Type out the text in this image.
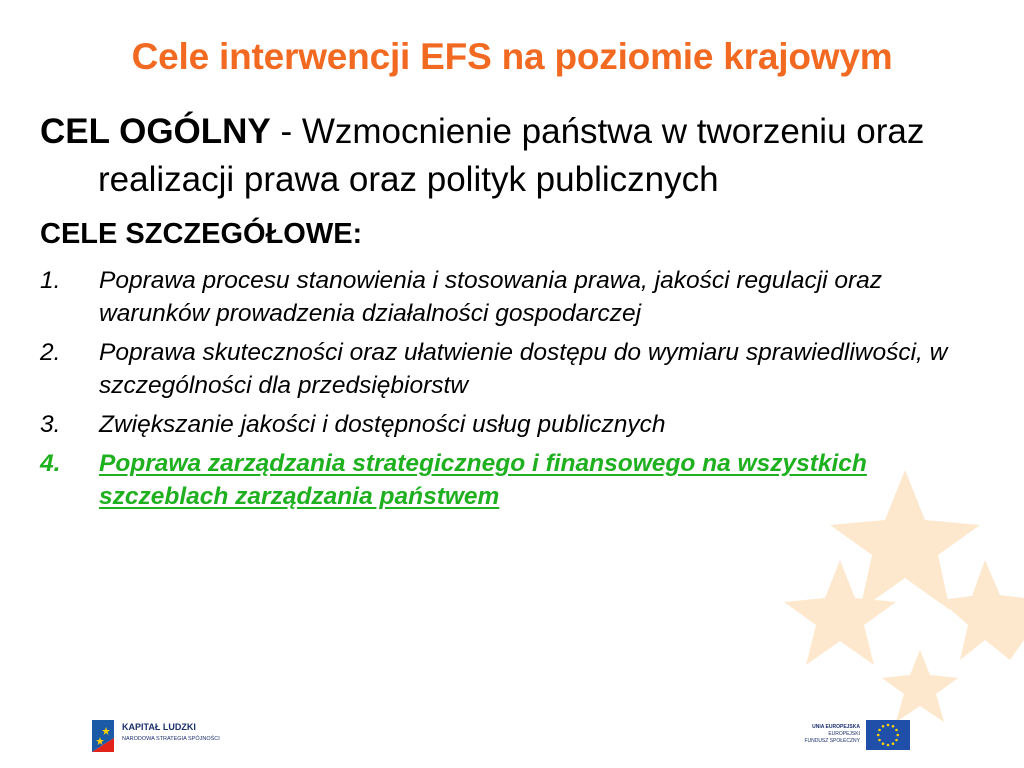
Cele interwencji EFS na poziomie krajowym

CEL OGÓLNY - Wzmocnienie państwa w tworzeniu oraz realizacji prawa oraz polityk publicznych

CELE SZCZEGÓŁOWE:
1.	Poprawa procesu stanowienia i stosowania prawa, jakości regulacji oraz warunków prowadzenia działalności gospodarczej
2.	Poprawa skuteczności oraz ułatwienie dostępu do wymiaru sprawiedliwości, w szczególności dla przedsiębiorstw
3.	Zwiększanie jakości i dostępności usług publicznych
4.	Poprawa zarządzania strategicznego i finansowego na wszystkich szczeblach zarządzania państwem
KAPITAŁ LUDZKI
NARODOWA STRATEGIA SPÓJNOŚCI
UNIA EUROPEJSKA
EUROPEJSKI
FUNDUSZ SPOŁECZNY
